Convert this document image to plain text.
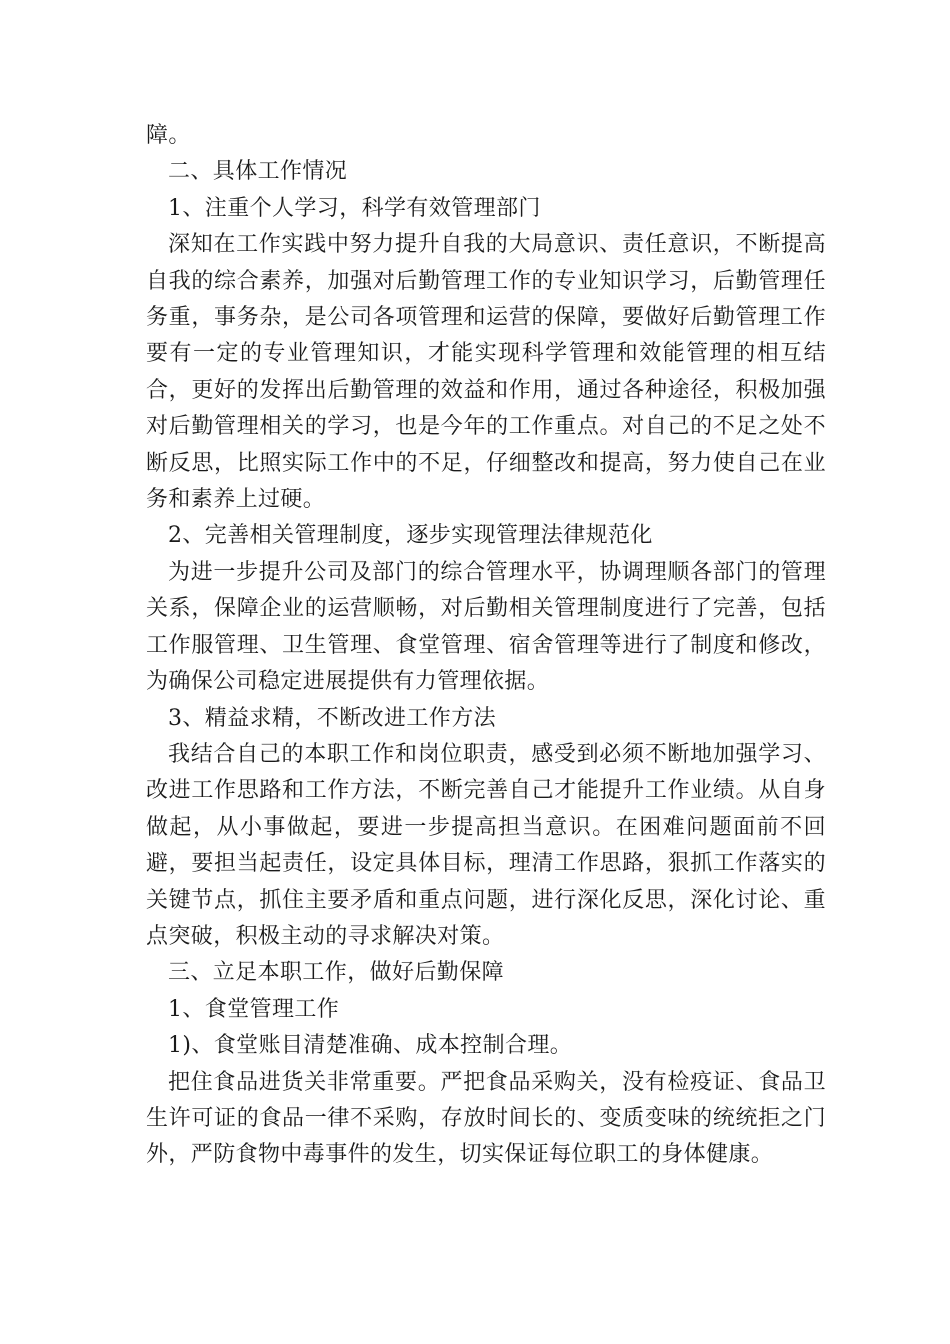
障。

二、具体工作情况

1、注重个人学习，科学有效管理部门

深知在工作实践中努力提升自我的大局意识、责任意识，不断提高自我的综合素养，加强对后勤管理工作的专业知识学习，后勤管理任务重，事务杂，是公司各项管理和运营的保障，要做好后勤管理工作要有一定的专业管理知识，才能实现科学管理和效能管理的相互结合，更好的发挥出后勤管理的效益和作用，通过各种途径，积极加强对后勤管理相关的学习，也是今年的工作重点。对自己的不足之处不断反思，比照实际工作中的不足，仔细整改和提高，努力使自己在业务和素养上过硬。

2、完善相关管理制度，逐步实现管理法律规范化

为进一步提升公司及部门的综合管理水平，协调理顺各部门的管理关系，保障企业的运营顺畅，对后勤相关管理制度进行了完善，包括工作服管理、卫生管理、食堂管理、宿舍管理等进行了制度和修改，为确保公司稳定进展提供有力管理依据。

3、精益求精，不断改进工作方法

我结合自己的本职工作和岗位职责，感受到必须不断地加强学习、改进工作思路和工作方法，不断完善自己才能提升工作业绩。从自身做起，从小事做起，要进一步提高担当意识。在困难问题面前不回避，要担当起责任，设定具体目标，理清工作思路，狠抓工作落实的关键节点，抓住主要矛盾和重点问题，进行深化反思，深化讨论、重点突破，积极主动的寻求解决对策。

三、立足本职工作，做好后勤保障

1、食堂管理工作

1)、食堂账目清楚准确、成本控制合理。

把住食品进货关非常重要。严把食品采购关，没有检疫证、食品卫生许可证的食品一律不采购，存放时间长的、变质变味的统统拒之门外，严防食物中毒事件的发生，切实保证每位职工的身体健康。
